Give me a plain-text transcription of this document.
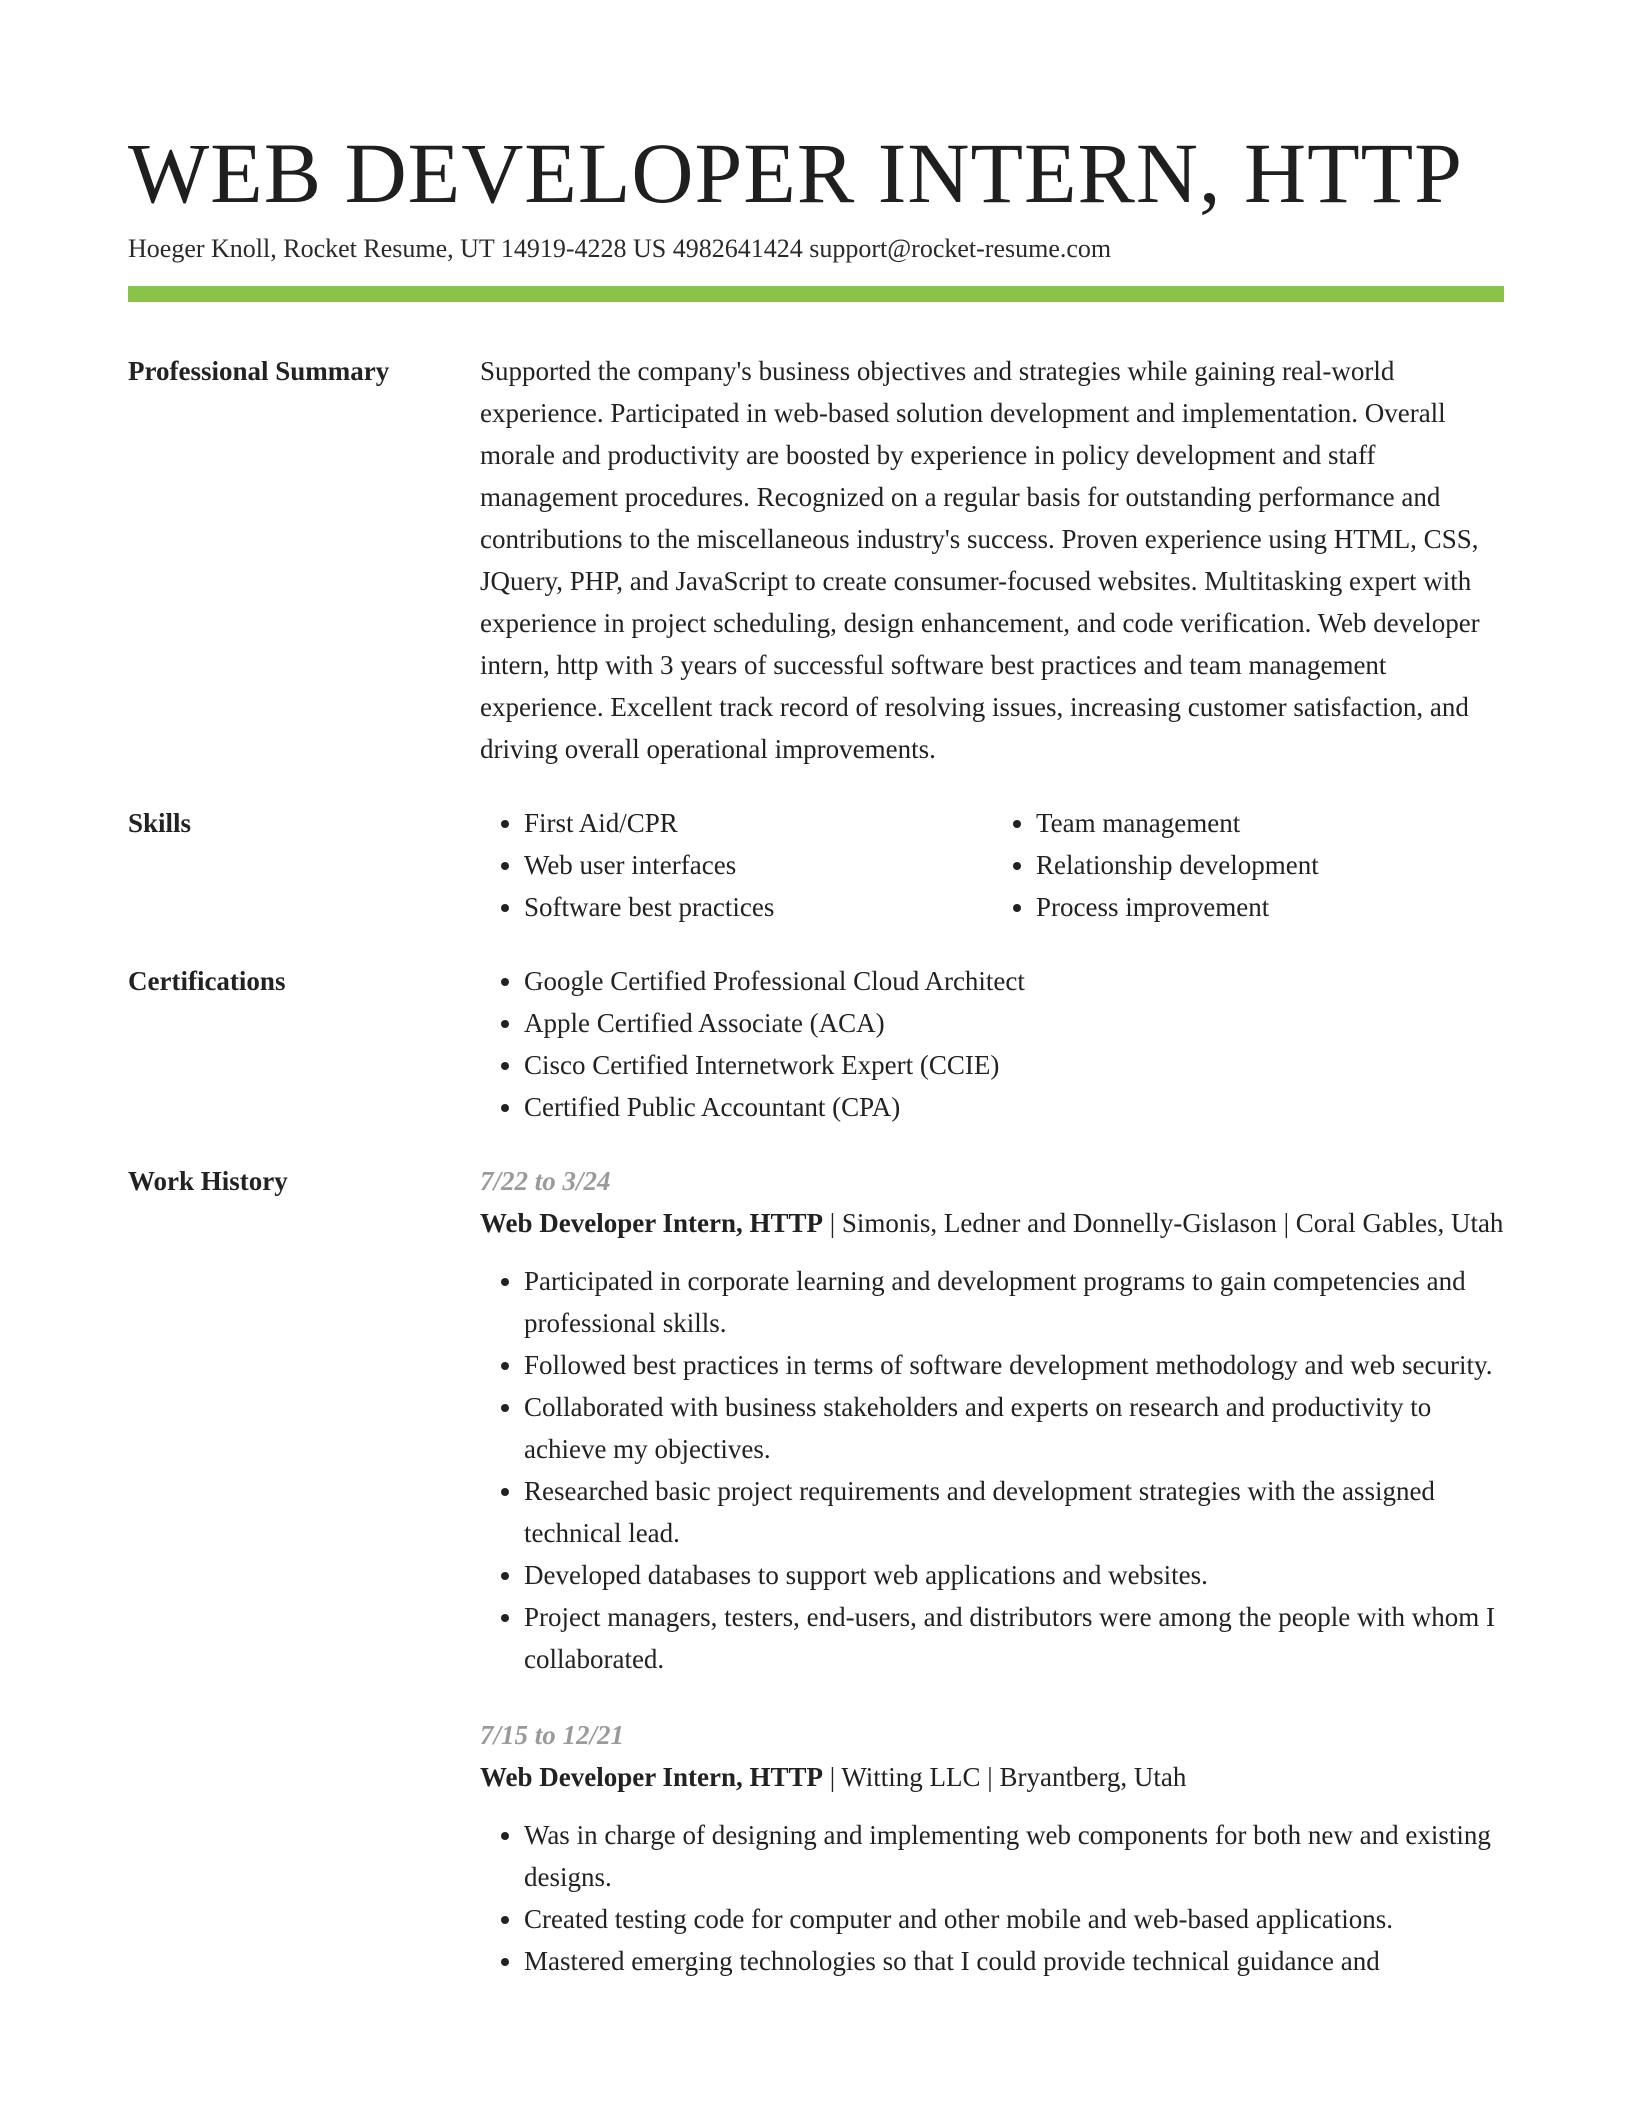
WEB DEVELOPER INTERN, HTTP

Hoeger Knoll, Rocket Resume, UT 14919-4228 US 4982641424 support@rocket-resume.com

Professional Summary	Supported the company's business objectives and strategies while gaining real-world experience. Participated in web-based solution development and implementation. Overall morale and productivity are boosted by experience in policy development and staff management procedures. Recognized on a regular basis for outstanding performance and contributions to the miscellaneous industry's success. Proven experience using HTML, CSS, JQuery, PHP, and JavaScript to create consumer-focused websites. Multitasking expert with experience in project scheduling, design enhancement, and code verification. Web developer intern, http with 3 years of successful software best practices and team management experience. Excellent track record of resolving issues, increasing customer satisfaction, and driving overall operational improvements.

Skills	• First Aid/CPR
• Web user interfaces
• Software best practices
• Team management
• Relationship development
• Process improvement
Certifications	• Google Certified Professional Cloud Architect
• Apple Certified Associate (ACA)
• Cisco Certified Internetwork Expert (CCIE)
• Certified Public Accountant (CPA)
Work History	7/22 to 3/24
Web Developer Intern, HTTP | Simonis, Ledner and Donnelly-Gislason | Coral Gables, Utah
• Participated in corporate learning and development programs to gain competencies and professional skills.
• Followed best practices in terms of software development methodology and web security.
• Collaborated with business stakeholders and experts on research and productivity to achieve my objectives.
• Researched basic project requirements and development strategies with the assigned technical lead.
• Developed databases to support web applications and websites.
• Project managers, testers, end-users, and distributors were among the people with whom I collaborated.
7/15 to 12/21
Web Developer Intern, HTTP | Witting LLC | Bryantberg, Utah
• Was in charge of designing and implementing web components for both new and existing designs.
• Created testing code for computer and other mobile and web-based applications.
• Mastered emerging technologies so that I could provide technical guidance and
